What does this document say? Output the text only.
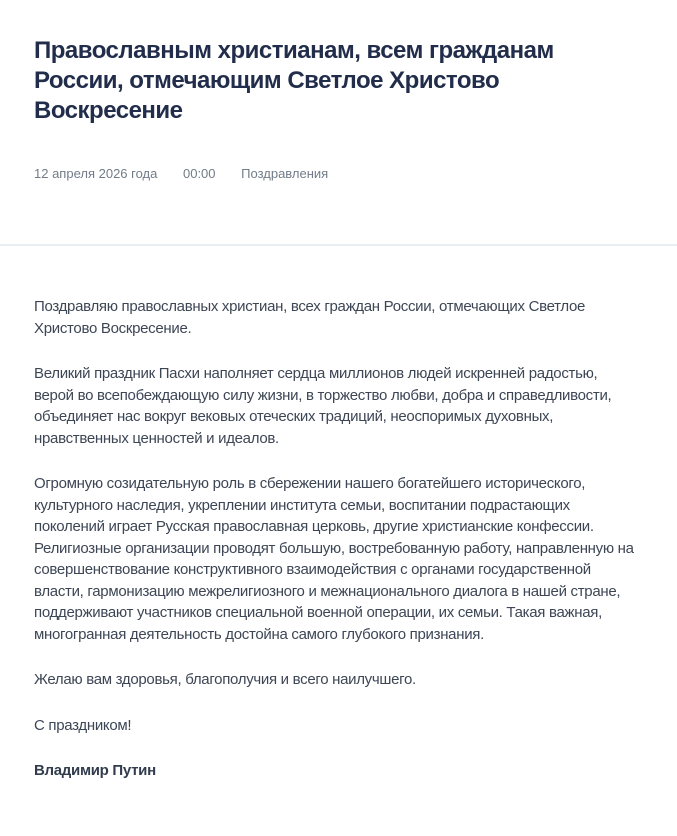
Православным христианам, всем гражданам России, отмечающим Светлое Христово Воскресение
12 апреля 2026 года 00:00 Поздравления

Поздравляю православных христиан, всех граждан России, отмечающих Светлое Христово Воскресение.

Великий праздник Пасхи наполняет сердца миллионов людей искренней радостью, верой во всепобеждающую силу жизни, в торжество любви, добра и справедливости, объединяет нас вокруг вековых отеческих традиций, неоспоримых духовных, нравственных ценностей и идеалов.

Огромную созидательную роль в сбережении нашего богатейшего исторического, культурного наследия, укреплении института семьи, воспитании подрастающих поколений играет Русская православная церковь, другие христианские конфессии. Религиозные организации проводят большую, востребованную работу, направленную на совершенствование конструктивного взаимодействия с органами государственной власти, гармонизацию межрелигиозного и межнационального диалога в нашей стране, поддерживают участников специальной военной операции, их семьи. Такая важная, многогранная деятельность достойна самого глубокого признания.

Желаю вам здоровья, благополучия и всего наилучшего.

С праздником!

Владимир Путин
